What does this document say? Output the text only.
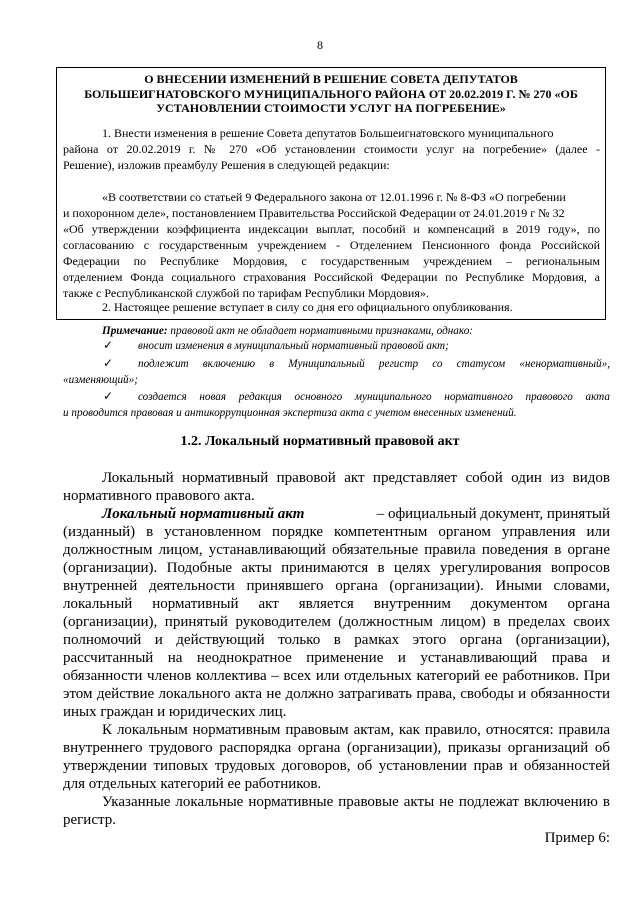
8
О ВНЕСЕНИИ ИЗМЕНЕНИЙ В РЕШЕНИЕ СОВЕТА ДЕПУТАТОВ
БОЛЬШЕИГНАТОВСКОГО МУНИЦИПАЛЬНОГО РАЙОНА ОТ 20.02.2019 Г. № 270 «ОБ
УСТАНОВЛЕНИИ СТОИМОСТИ УСЛУГ НА ПОГРЕБЕНИЕ»
1. Внести изменения в решение Совета депутатов Большеигнатовского муниципального
района от 20.02.2019 г. № 270 «Об установлении стоимости услуг на погребение» (далее -
Решение), изложив преамбулу Решения в следующей редакции:
«В соответствии со статьей 9 Федерального закона от 12.01.1996 г. № 8-ФЗ «О погребении
и похоронном деле», постановлением Правительства Российской Федерации от 24.01.2019 г № 32
«Об утверждении коэффициента индексации выплат, пособий и компенсаций в 2019 году», по
согласованию с государственным учреждением - Отделением Пенсионного фонда Российской
Федерации по Республике Мордовия, с государственным учреждением – региональным
отделением Фонда социального страхования Российской Федерации по Республике Мордовия, а
также с Республиканской службой по тарифам Республики Мордовия».
2. Настоящее решение вступает в силу со дня его официального опубликования.
Примечание: правовой акт не обладает нормативными признаками, однако:
✓ вносит изменения в муниципальный нормативный правовой акт;
✓ подлежит включению в Муниципальный регистр со статусом «ненормативный»,
«изменяющий»;
✓ создается новая редакция основного муниципального нормативного правового акта
и проводится правовая и антикоррупционная экспертиза акта с учетом внесенных изменений.
1.2. Локальный нормативный правовой акт
Локальный нормативный правовой акт представляет собой один из видов
нормативного правового акта.
Локальный нормативный акт	– официальный документ, принятый
(изданный) в установленном порядке компетентным органом управления или
должностным лицом, устанавливающий обязательные правила поведения в органе
(организации). Подобные акты принимаются в целях урегулирования вопросов
внутренней деятельности принявшего органа (организации). Иными словами,
локальный нормативный акт является внутренним документом органа
(организации), принятый руководителем (должностным лицом) в пределах своих
полномочий и действующий только в рамках этого органа (организации),
рассчитанный на неоднократное применение и устанавливающий права и
обязанности членов коллектива – всех или отдельных категорий ее работников. При
этом действие локального акта не должно затрагивать права, свободы и обязанности
иных граждан и юридических лиц.
К локальным нормативным правовым актам, как правило, относятся: правила
внутреннего трудового распорядка органа (организации), приказы организаций об
утверждении типовых трудовых договоров, об установлении прав и обязанностей
для отдельных категорий ее работников.
Указанные локальные нормативные правовые акты не подлежат включению в
регистр.
Пример 6:
